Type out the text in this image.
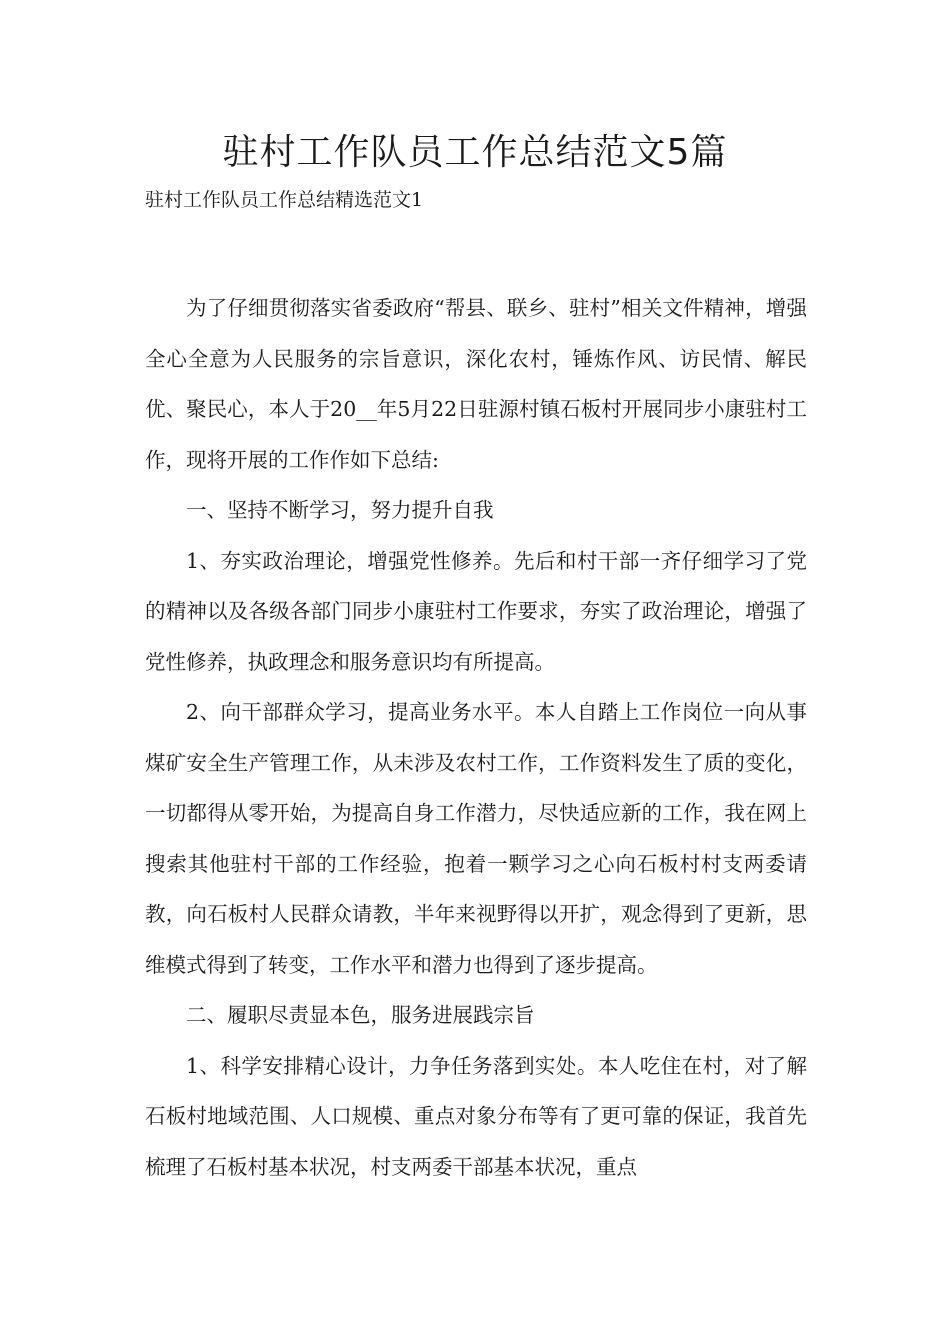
驻村工作队员工作总结范文5篇
驻村工作队员工作总结精选范文1

为了仔细贯彻落实省委政府“帮县、联乡、驻村”相关文件精神，增强全心全意为人民服务的宗旨意识，深化农村，锤炼作风、访民情、解民优、聚民心，本人于20__年5月22日驻源村镇石板村开展同步小康驻村工作，现将开展的工作作如下总结:

一、坚持不断学习，努力提升自我

1、夯实政治理论，增强党性修养。先后和村干部一齐仔细学习了党的精神以及各级各部门同步小康驻村工作要求，夯实了政治理论，增强了党性修养，执政理念和服务意识均有所提高。

2、向干部群众学习，提高业务水平。本人自踏上工作岗位一向从事煤矿安全生产管理工作，从未涉及农村工作，工作资料发生了质的变化，一切都得从零开始，为提高自身工作潜力，尽快适应新的工作，我在网上搜索其他驻村干部的工作经验，抱着一颗学习之心向石板村村支两委请教，向石板村人民群众请教，半年来视野得以开扩，观念得到了更新，思维模式得到了转变，工作水平和潜力也得到了逐步提高。

二、履职尽责显本色，服务进展践宗旨

1、科学安排精心设计，力争任务落到实处。本人吃住在村，对了解石板村地域范围、人口规模、重点对象分布等有了更可靠的保证，我首先梳理了石板村基本状况，村支两委干部基本状况，重点
